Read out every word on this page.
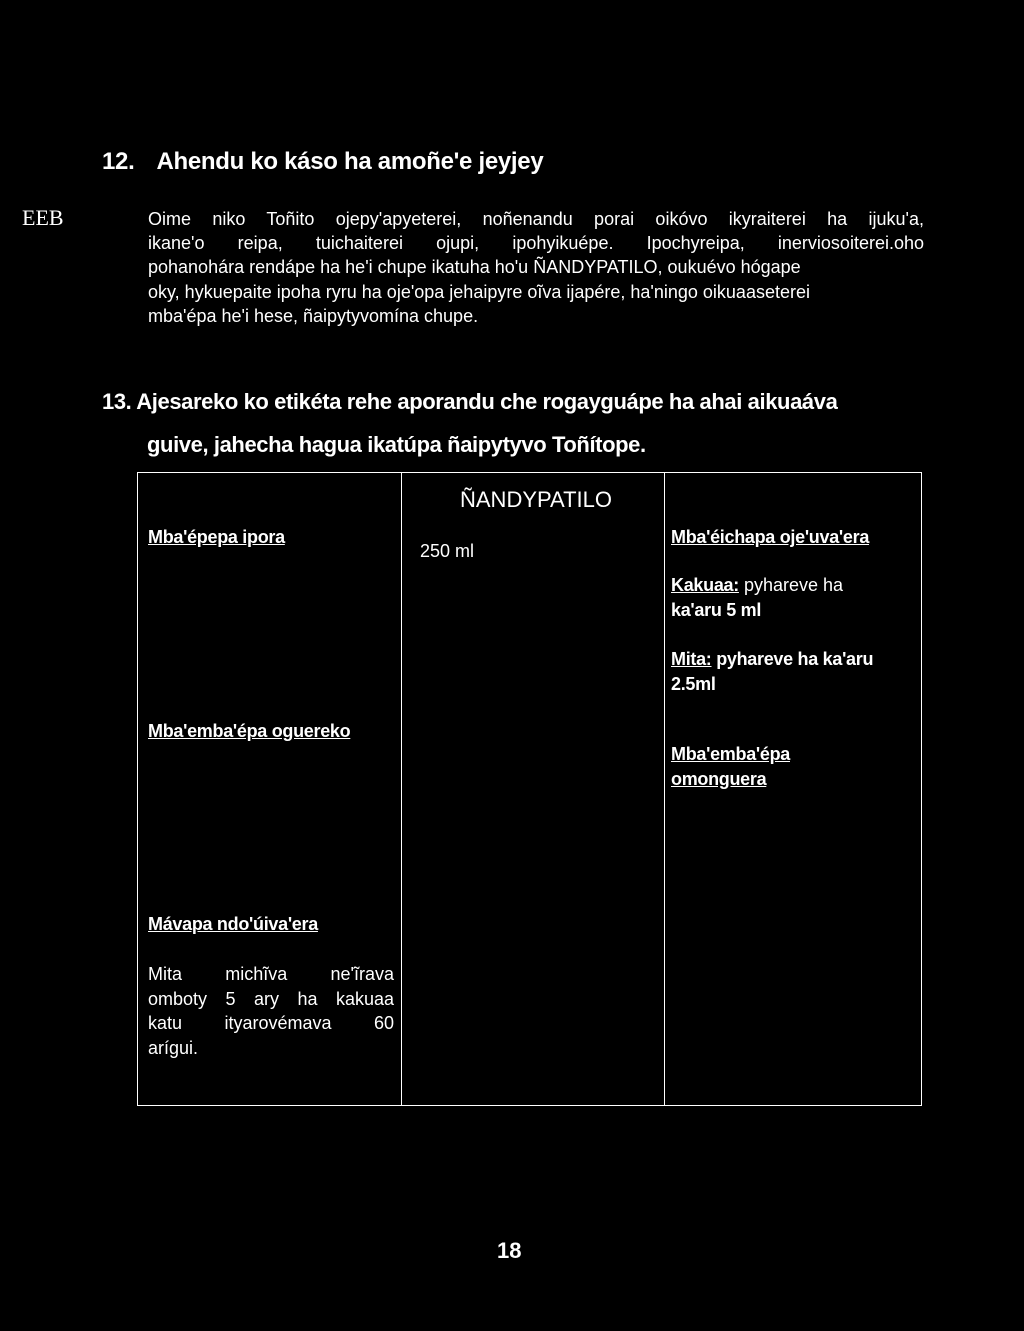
12. Ahendu ko káso ha amoñe'e jeyjey
EEB	Oime niko Toñito ojepy'apyeterei, noñenandu porai oikóvo ikyraiterei ha ijuku'a,
ikane'o reipa, tuichaiterei ojupi, ipohyikuépe. Ipochyreipa, inerviosoiterei.oho
pohanohára rendápe ha he'i chupe ikatuha ho'u ÑANDYPATILO, oukuévo hógape
oky, hykuepaite ipoha ryru ha oje'opa jehaipyre oĩva ijapére, ha'ningo oikuaaseterei
mba'épa he'i hese, ñaipytyvomína chupe.

13. Ajesareko ko etikéta rehe aporandu che rogayguápe ha ahai aikuaáva
guive, jahecha hagua ikatúpa ñaipytyvo Toñítope.

Mba'épepa ipora
Mba'emba'épa oguereko
Mávapa ndo'úiva'era

Mita michĩva ne'ĩrava
omboty 5 ary ha kakuaa
katu ityarovémava 60
arígui.

ÑANDYPATILO
250 ml
Mba'éichapa oje'uva'era
Kakuaa: pyhareve ha
ka'aru 5 ml
Mita: pyhareve ha ka'aru
2.5ml
Mba'emba'épa
omonguera
18
